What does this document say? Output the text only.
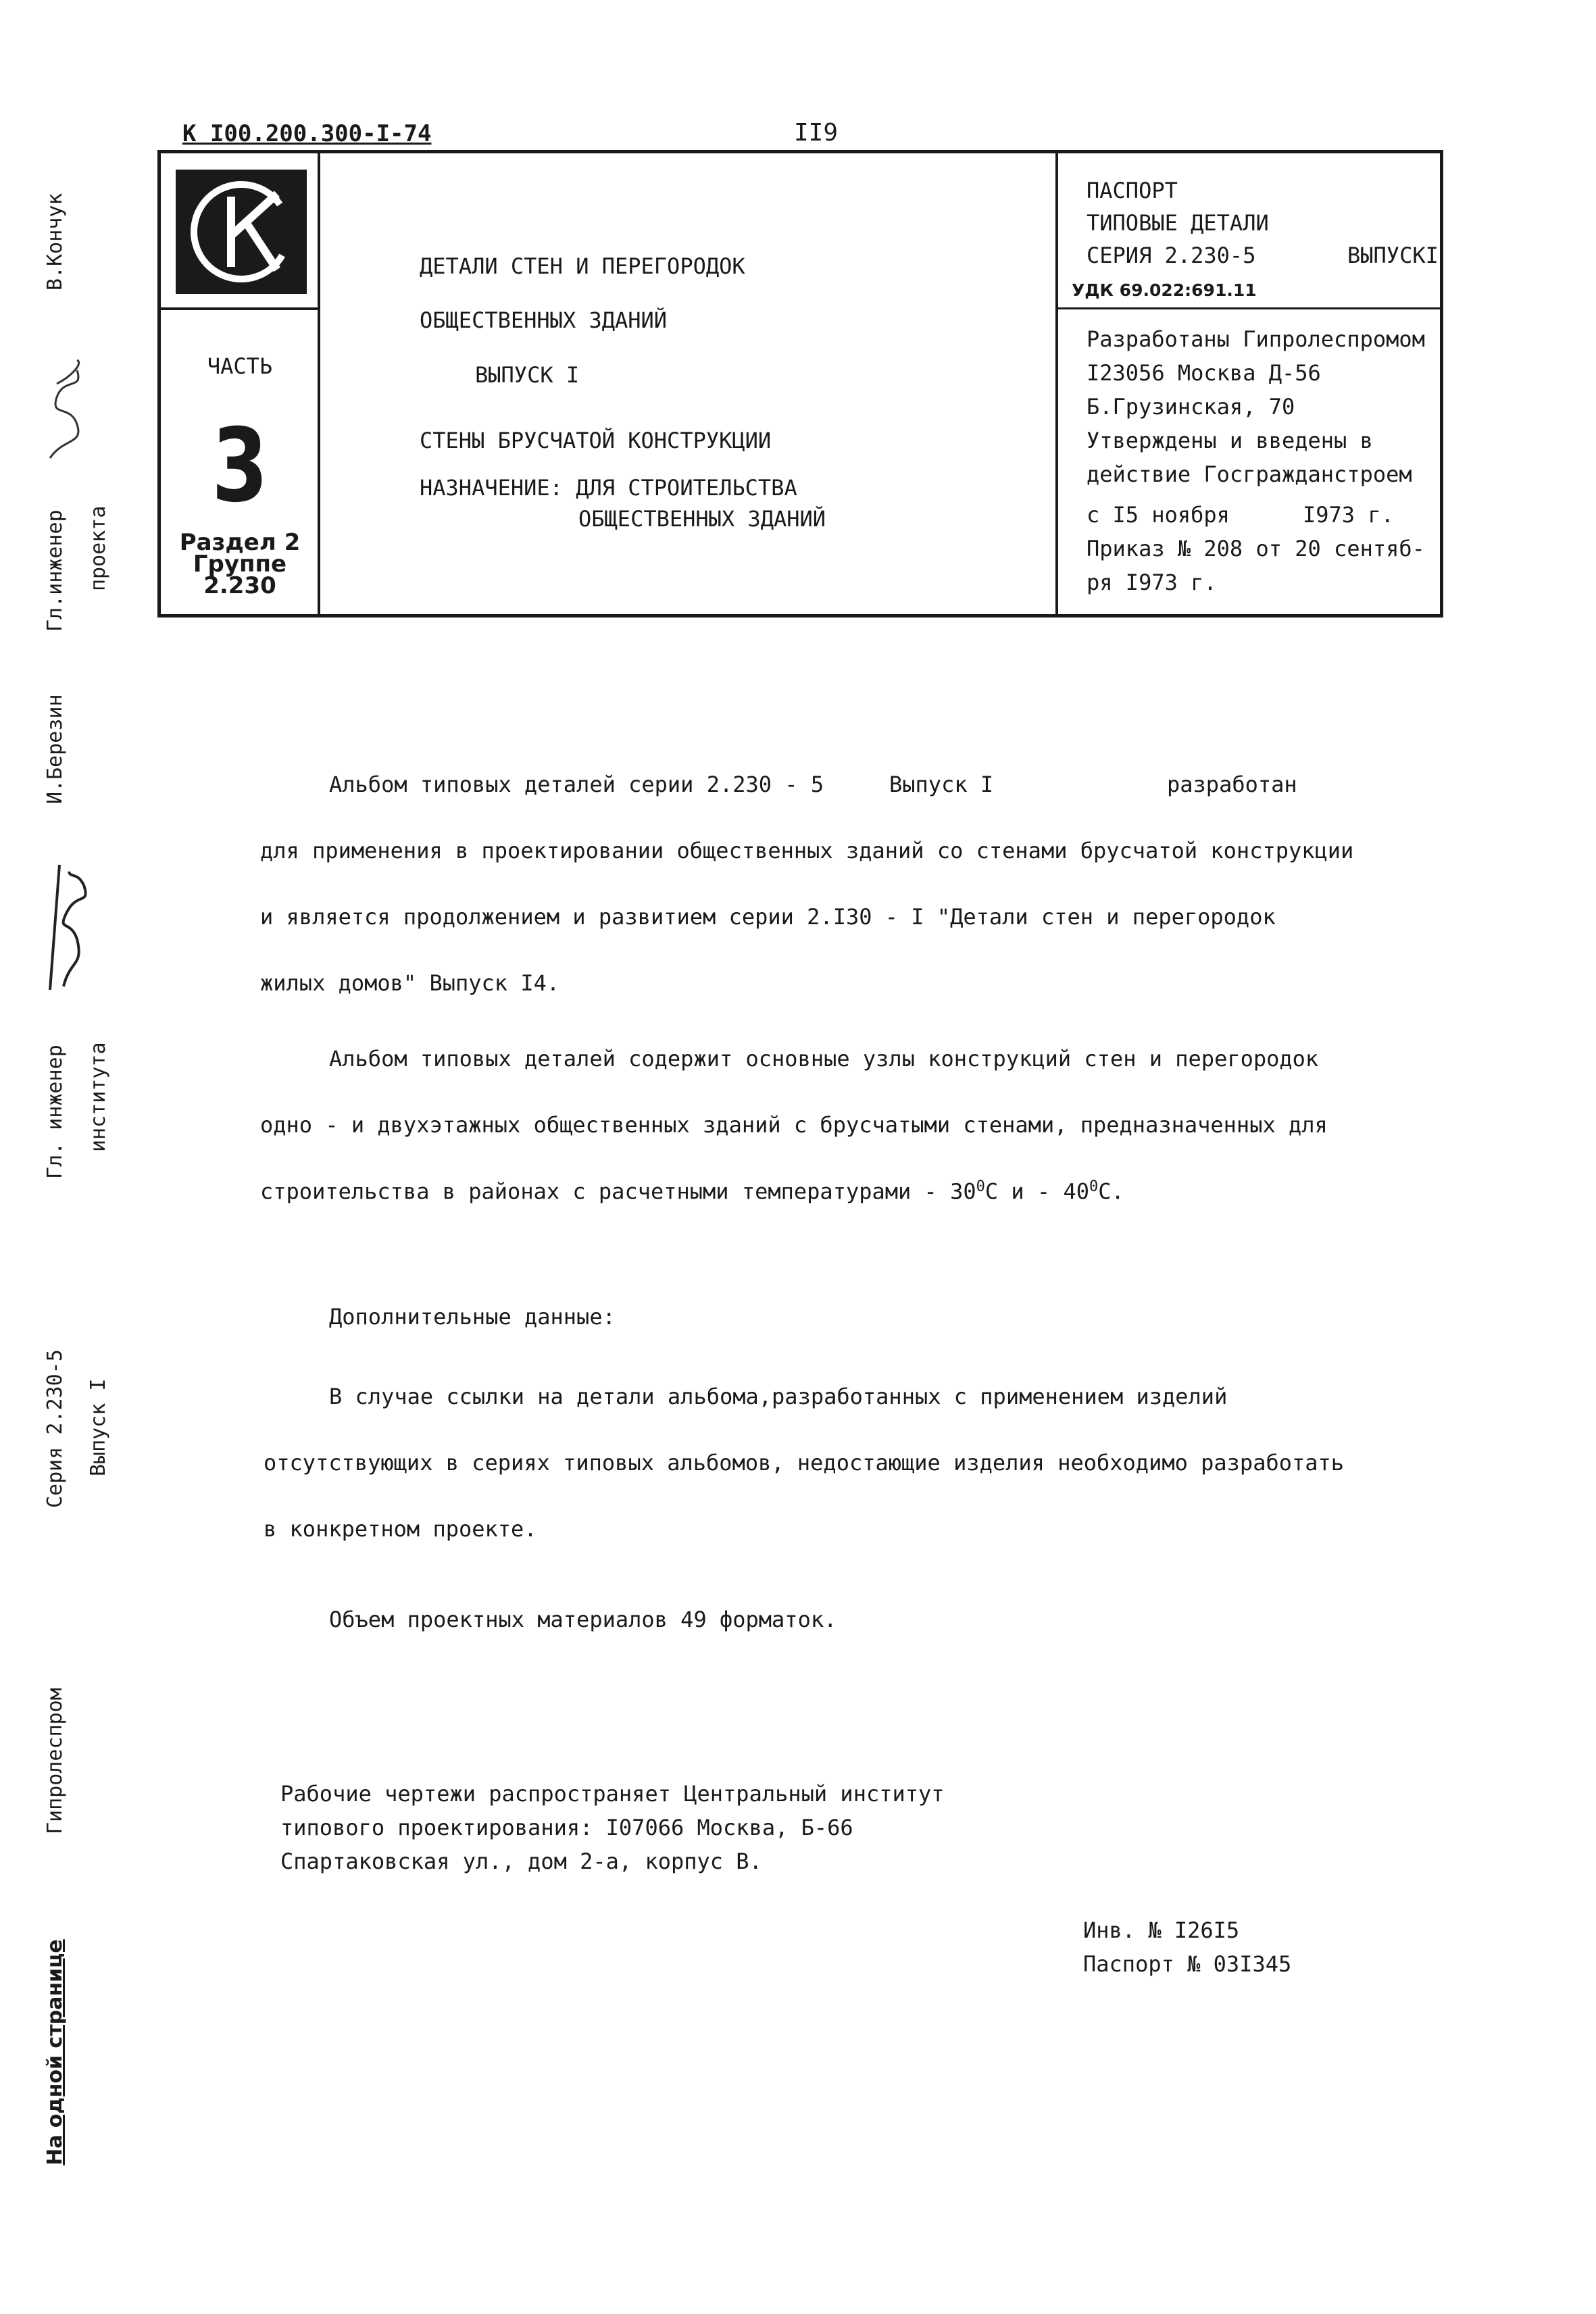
К I00.200.300-I-74	II9
ЧАСТЬ
3
Раздел 2
Группе
2.230
ДЕТАЛИ СТЕН И ПЕРЕГОРОДОК
ОБЩЕСТВЕННЫХ ЗДАНИЙ
ВЫПУСК I
СТЕНЫ БРУСЧАТОЙ КОНСТРУКЦИИ
НАЗНАЧЕНИЕ: ДЛЯ СТРОИТЕЛЬСТВА
ОБЩЕСТВЕННЫХ ЗДАНИЙ
ПАСПОРТ
ТИПОВЫЕ ДЕТАЛИ
СЕРИЯ 2.230-5	ВЫПУСКI
УДК 69.022:691.11
Разработаны Гипролеспромом
I23056 Москва Д-56
Б.Грузинская, 70
Утверждены и введены в
действие Госгражданстроем
с I5 ноября	I973 г.
Приказ № 208 от 20 сентяб-
ря I973 г.
Альбом типовых деталей серии 2.230 - 5	Выпуск I	разработан
для применения в проектировании общественных зданий со стенами брусчатой конструкции
и является продолжением и развитием серии 2.I30 - I "Детали стен и перегородок
жилых домов" Выпуск I4.
Альбом типовых деталей содержит основные узлы конструкций стен и перегородок
одно - и двухэтажных общественных зданий с брусчатыми стенами, предназначенных для
строительства в районах с расчетными температурами - $30^0С$ и - $40^0С$.
Дополнительные данные:
В случае ссылки на детали альбома,разработанных с применением изделий
отсутствующих в сериях типовых альбомов, недостающие изделия необходимо разработать
в конкретном проекте.
Объем проектных материалов 49 форматок.
Рабочие чертежи распространяет Центральный институт
типового проектирования: I07066 Москва, Б-66
Спартаковская ул., дом 2-а, корпус В.
Инв. № I26I5
Паспорт № 03I345
В.Кончук
Гл.инженер проекта
И.Березин
Гл. инженер института
Серия 2.230-5 Выпуск I
Гипролеспром
На одной странице
